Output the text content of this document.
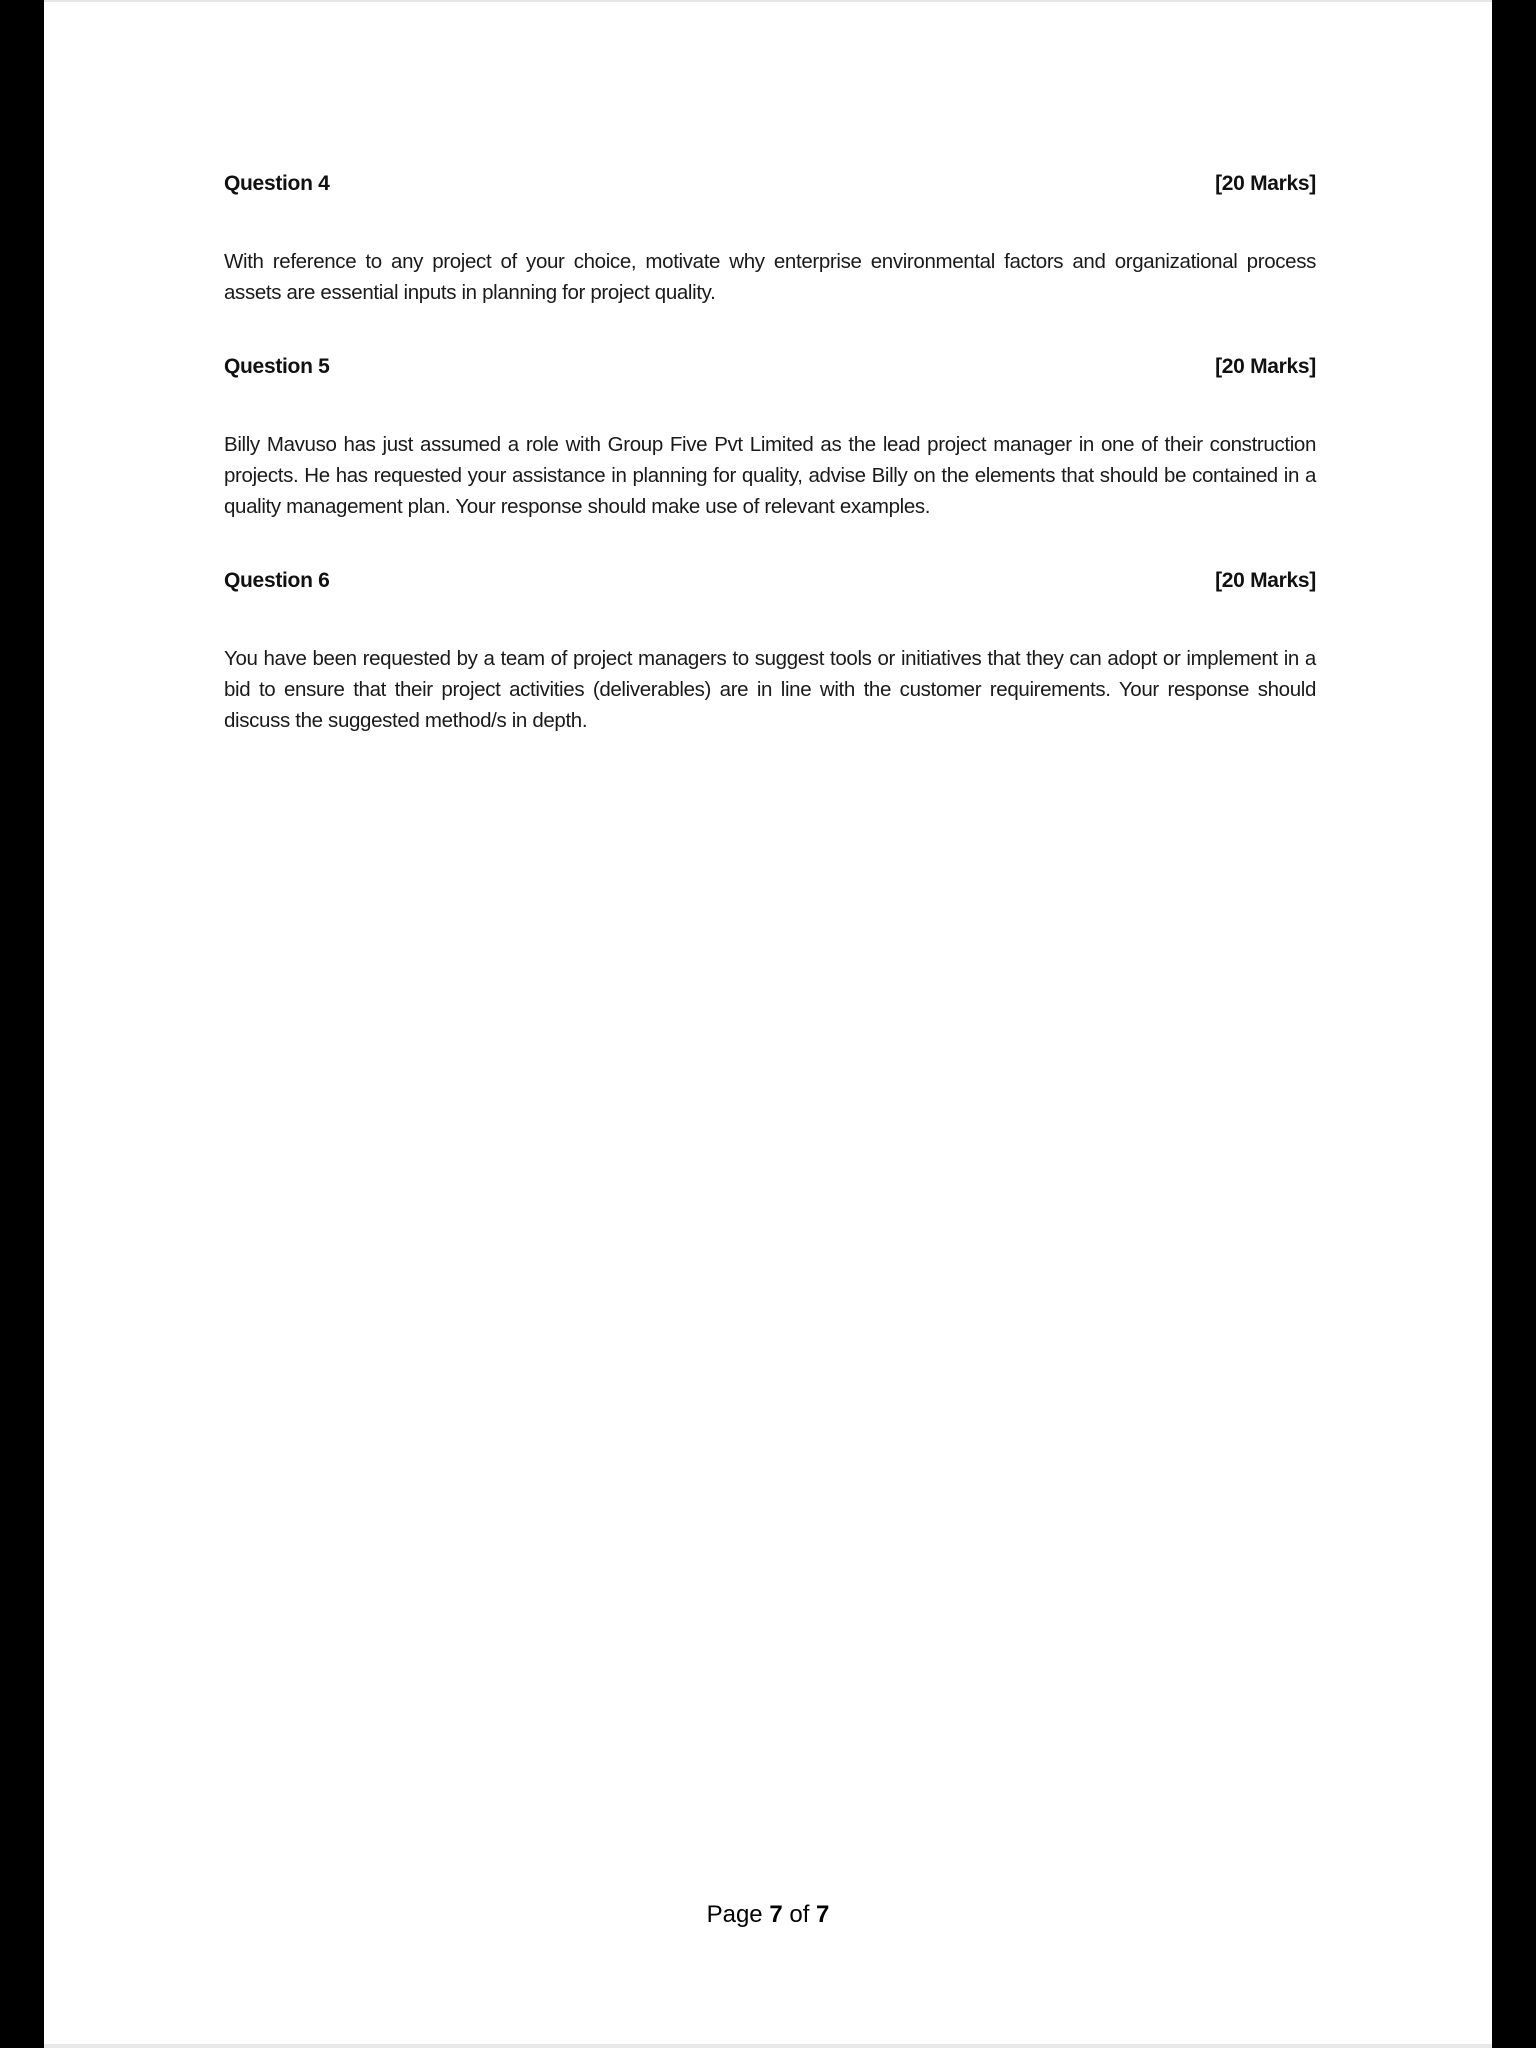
Question 4	[20 Marks]

With reference to any project of your choice, motivate why enterprise environmental factors and organizational process assets are essential inputs in planning for project quality.

Question 5	[20 Marks]

Billy Mavuso has just assumed a role with Group Five Pvt Limited as the lead project manager in one of their construction projects. He has requested your assistance in planning for quality, advise Billy on the elements that should be contained in a quality management plan. Your response should make use of relevant examples.

Question 6	[20 Marks]

You have been requested by a team of project managers to suggest tools or initiatives that they can adopt or implement in a bid to ensure that their project activities (deliverables) are in line with the customer requirements. Your response should discuss the suggested method/s in depth.

Page 7 of 7
